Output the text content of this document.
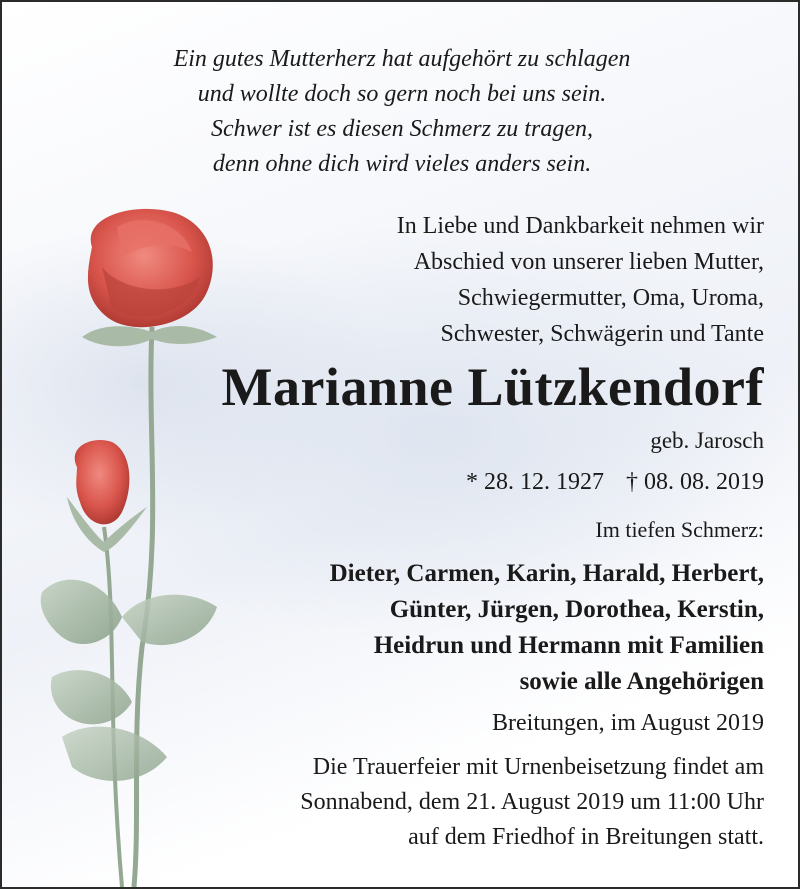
Ein gutes Mutterherz hat aufgehört zu schlagen
und wollte doch so gern noch bei uns sein.
Schwer ist es diesen Schmerz zu tragen,
denn ohne dich wird vieles anders sein.
In Liebe und Dankbarkeit nehmen wir
Abschied von unserer lieben Mutter,
Schwiegermutter, Oma, Uroma,
Schwester, Schwägerin und Tante
Marianne Lützkendorf
geb. Jarosch
* 28. 12. 1927 † 08. 08. 2019
Im tiefen Schmerz:
Dieter, Carmen, Karin, Harald, Herbert,
Günter, Jürgen, Dorothea, Kerstin,
Heidrun und Hermann mit Familien
sowie alle Angehörigen
Breitungen, im August 2019
Die Trauerfeier mit Urnenbeisetzung findet am
Sonnabend, dem 21. August 2019 um 11:00 Uhr
auf dem Friedhof in Breitungen statt.
